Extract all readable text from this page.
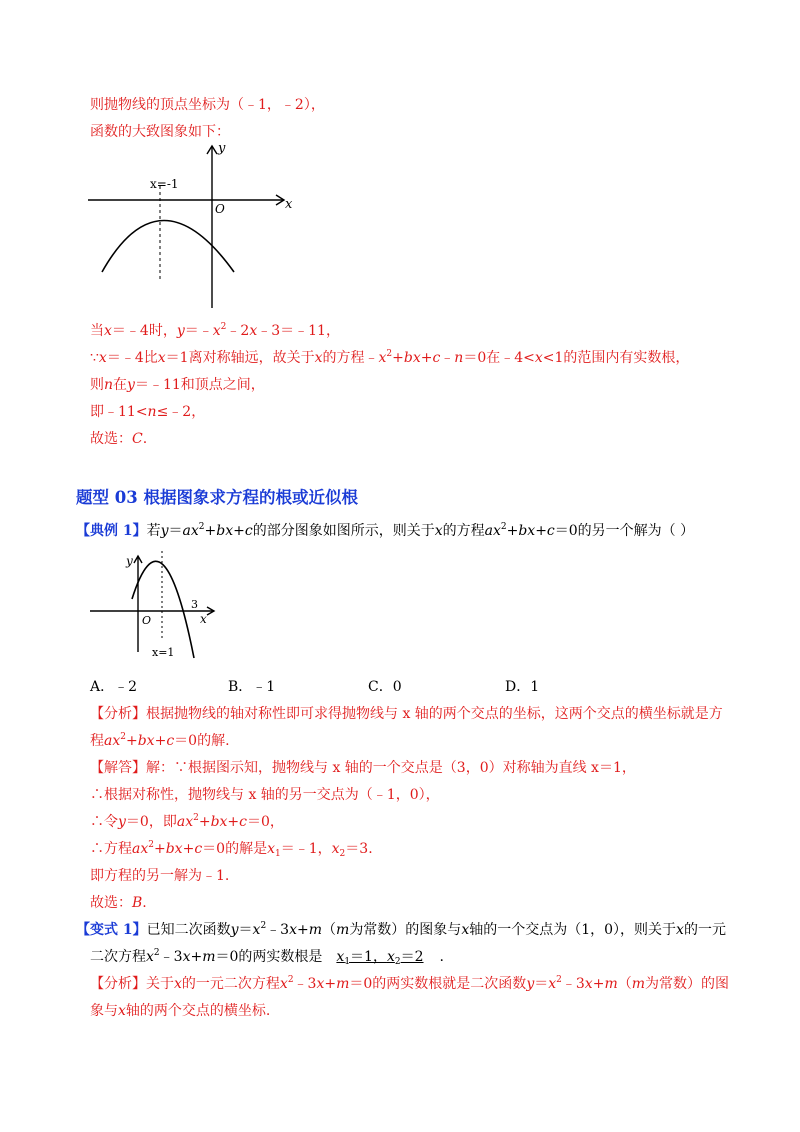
则抛物线的顶点坐标为（﹣1，﹣2），
函数的大致图象如下：
y
x
O
x=-1
当x＝﹣4时，$y=﹣x^2﹣2x﹣3=﹣11$，
∵x＝﹣4比x＝1离对称轴远，故关于x的方程$﹣x^2+bx+c﹣n=0$在﹣4<x<1的范围内有实数根，
则n在y＝﹣11和顶点之间，
即﹣11<n≤﹣2，
故选：C.
题型 03 根据图象求方程的根或近似根
【典例 1】若$y=ax^2+bx+c$的部分图象如图所示，则关于x的方程$ax^2+bx+c=0$的另一个解为（ ）
y
x
O
3
x=1
A．﹣2	B．﹣1	C．0	D．1
【分析】根据抛物线的轴对称性即可求得抛物线与 x 轴的两个交点的坐标，这两个交点的横坐标就是方
程$ax^2+bx+c=0$的解.
【解答】解：∵根据图示知，抛物线与 x 轴的一个交点是（3，0）对称轴为直线 x＝1，
∴根据对称性，抛物线与 x 轴的另一交点为（﹣1，0），
∴令y＝0，即$ax^2+bx+c=0$，
∴方程$ax^2+bx+c=0$的解是$x_1=﹣1$，$x_2=3$.
即方程的另一解为﹣1.
故选：B.
【变式 1】已知二次函数$y=x^2﹣3x+m(m$为常数）的图象与x轴的一个交点为（1，0），则关于x的一元
二次方程$x^2﹣3x+m=0$的两实数根是 $x_1=1$，$x_2=2$ .
【分析】关于x的一元二次方程$x^2﹣3x+m=0$的两实数根就是二次函数$y=x^2﹣3x+m(m$为常数）的图
象与x轴的两个交点的横坐标.
